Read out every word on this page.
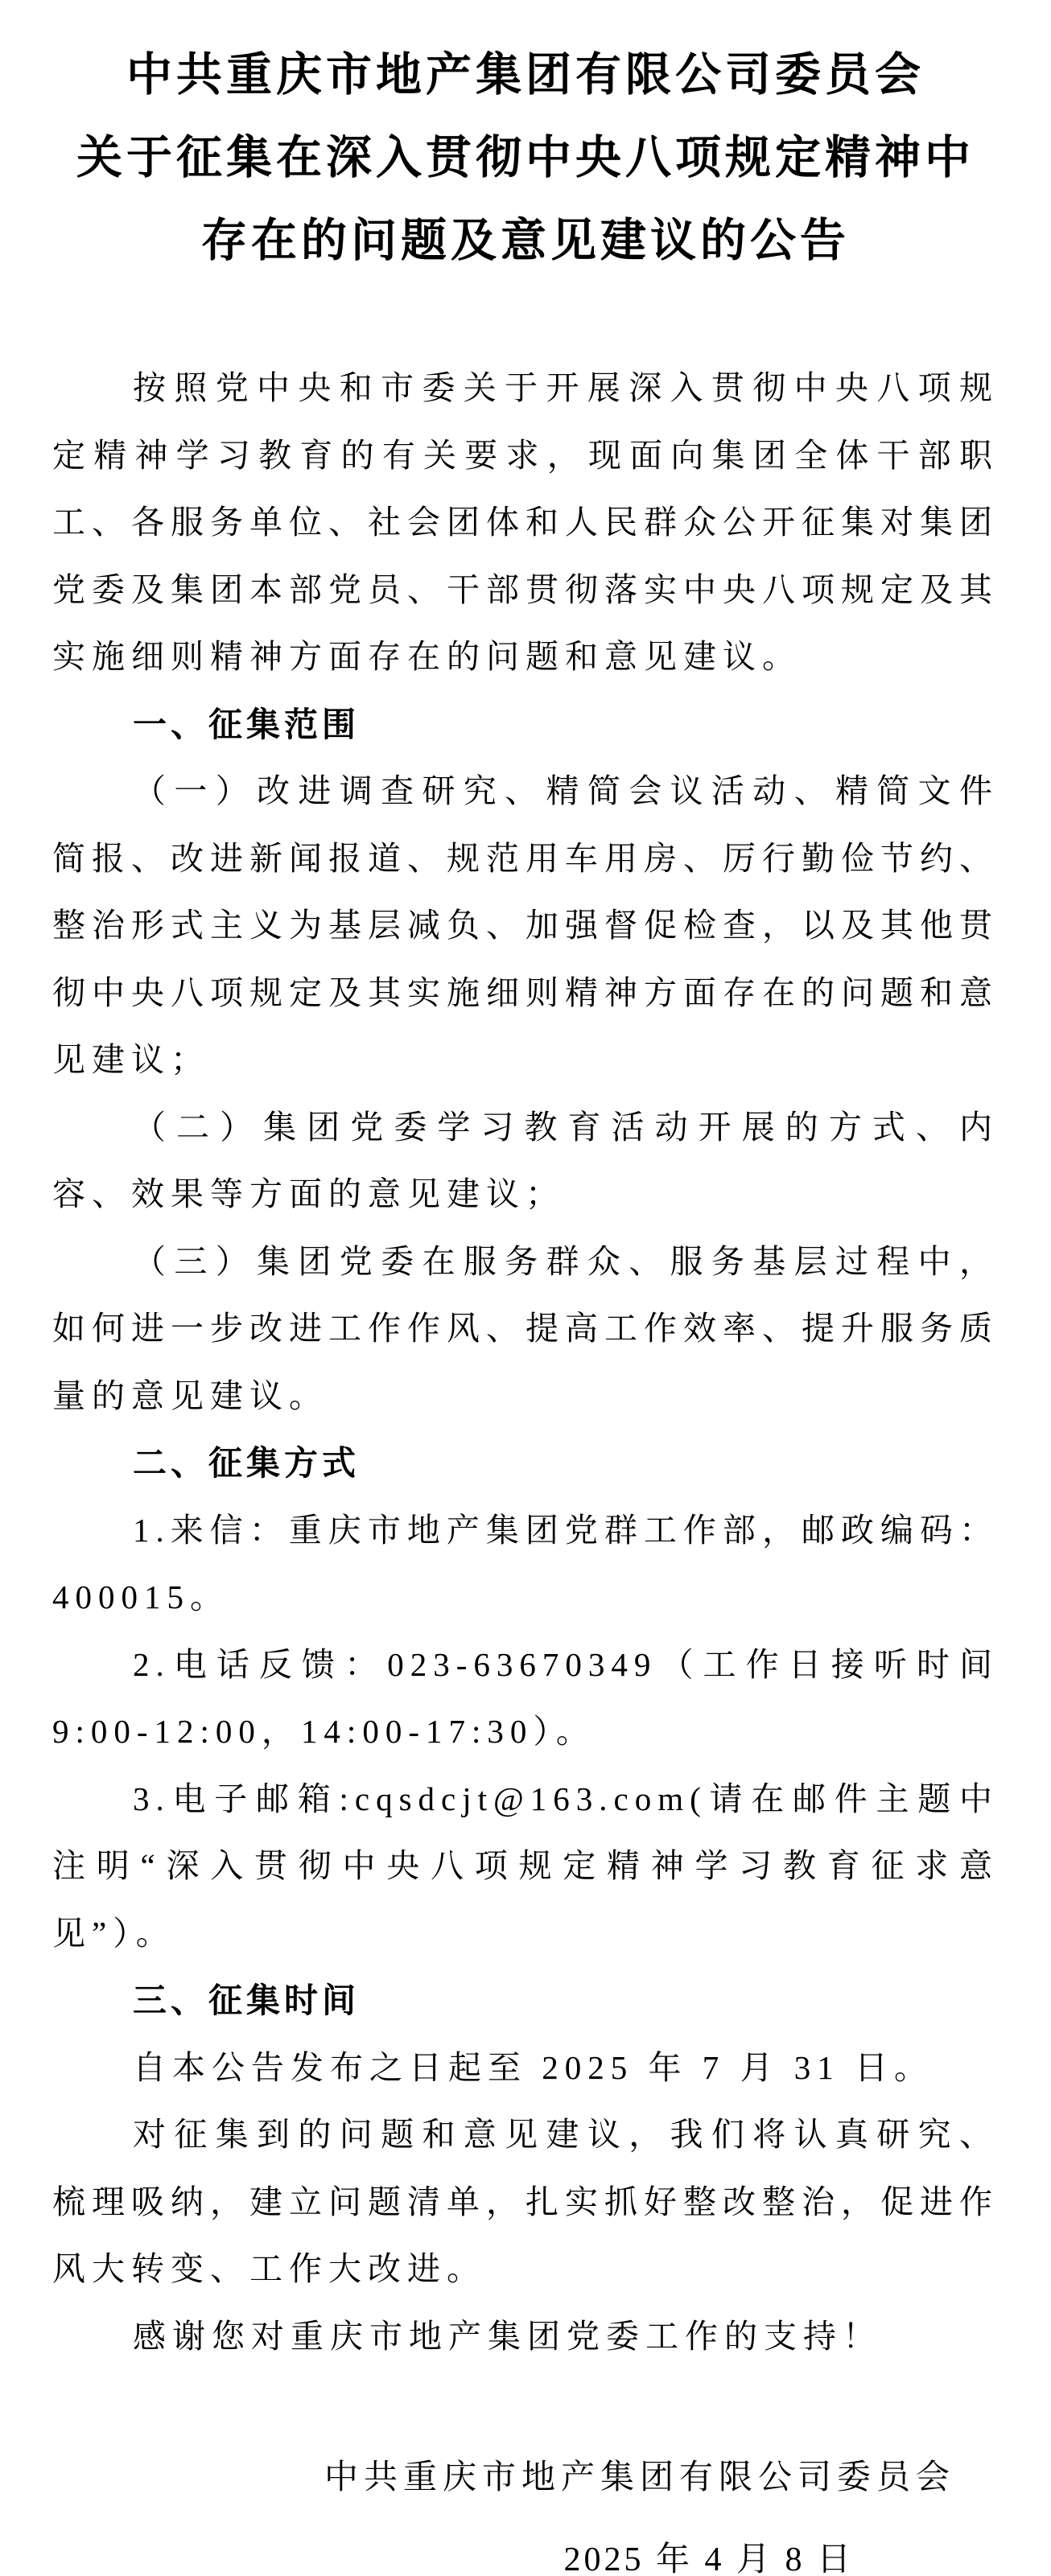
中共重庆市地产集团有限公司委员会
关于征集在深入贯彻中央八项规定精神中
存在的问题及意见建议的公告

按照党中央和市委关于开展深入贯彻中央八项规定精神学习教育的有关要求，现面向集团全体干部职工、各服务单位、社会团体和人民群众公开征集对集团党委及集团本部党员、干部贯彻落实中央八项规定及其实施细则精神方面存在的问题和意见建议。

一、征集范围

（一）改进调查研究、精简会议活动、精简文件简报、改进新闻报道、规范用车用房、厉行勤俭节约、整治形式主义为基层减负、加强督促检查，以及其他贯彻中央八项规定及其实施细则精神方面存在的问题和意见建议；

（二）集团党委学习教育活动开展的方式、内容、效果等方面的意见建议；

（三）集团党委在服务群众、服务基层过程中，如何进一步改进工作作风、提高工作效率、提升服务质量的意见建议。

二、征集方式

1.来信：重庆市地产集团党群工作部，邮政编码：400015。

2.电话反馈：023-63670349（工作日接听时间9:00-12:00，14:00-17:30）。

3.电子邮箱:cqsdcjt@163.com(请在邮件主题中注明“深入贯彻中央八项规定精神学习教育征求意见”）。

三、征集时间

自本公告发布之日起至 2025 年 7 月 31 日。

对征集到的问题和意见建议，我们将认真研究、梳理吸纳，建立问题清单，扎实抓好整改整治，促进作风大转变、工作大改进。

感谢您对重庆市地产集团党委工作的支持！

中共重庆市地产集团有限公司委员会

2025 年 4 月 8 日
